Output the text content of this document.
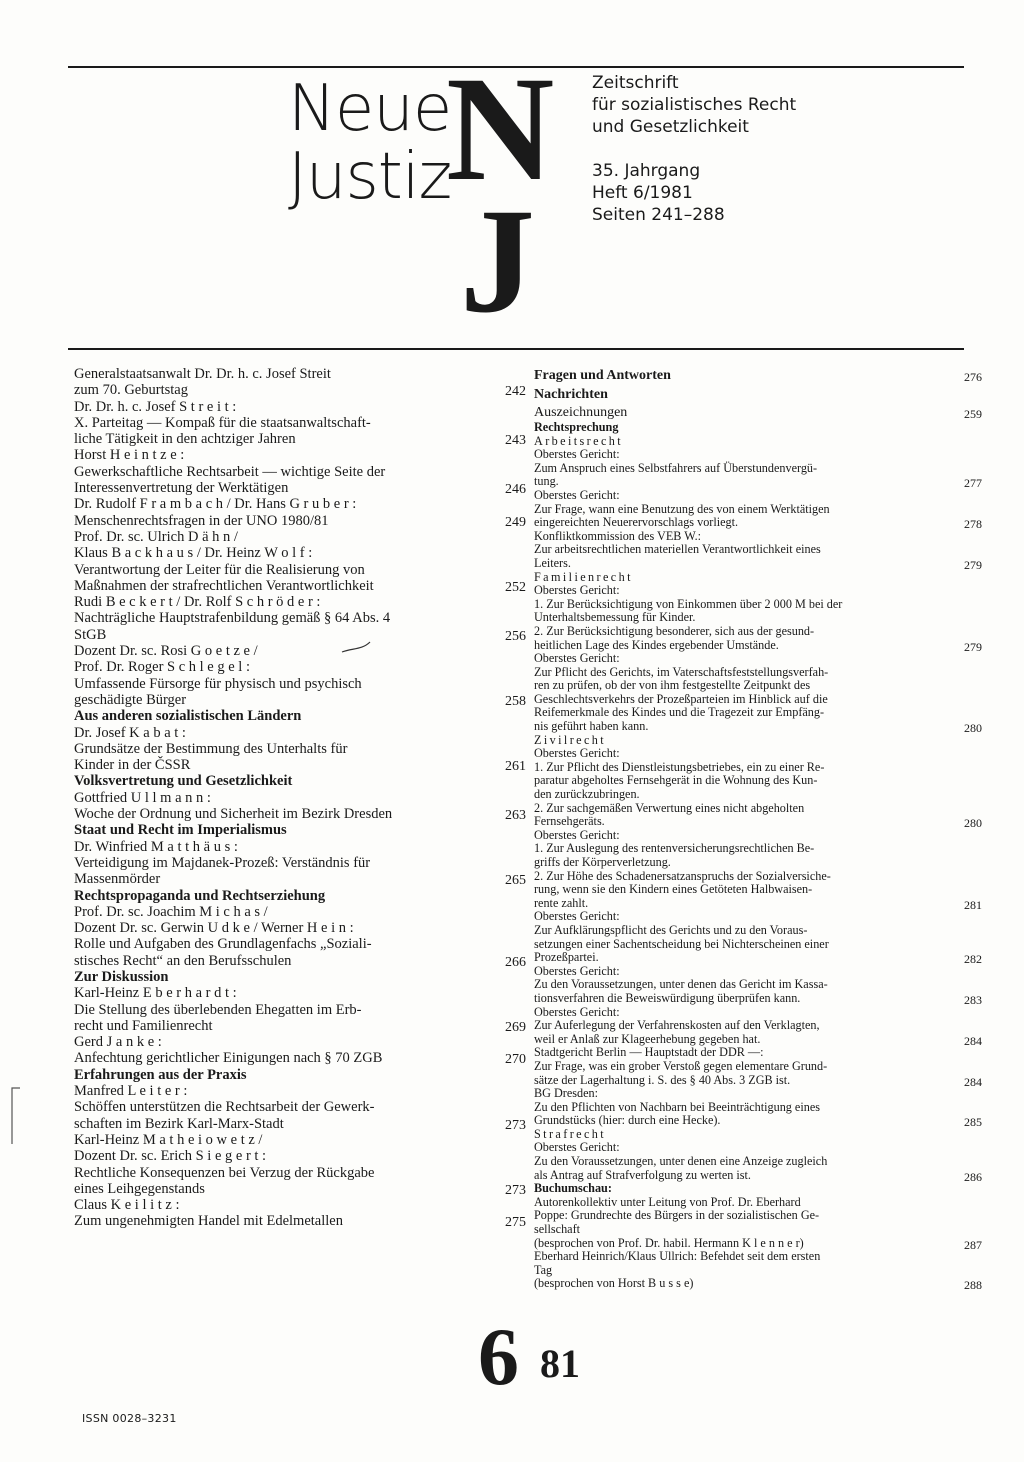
Neue
Justiz
N
J
Zeitschrift
für sozialistisches Recht
und Gesetzlichkeit
35. Jahrgang
Heft 6/1981
Seiten 241–288
Generalstaatsanwalt Dr. Dr. h. c. Josef Streit
zum 70. Geburtstag	242
Dr. Dr. h. c. Josef S t r e i t :
X. Parteitag — Kompaß für die staatsanwaltschaft-
liche Tätigkeit in den achtziger Jahren	243
Horst H e i n t z e :
Gewerkschaftliche Rechtsarbeit — wichtige Seite der
Interessenvertretung der Werktätigen	246
Dr. Rudolf F r a m b a c h / Dr. Hans G r u b e r :
Menschenrechtsfragen in der UNO 1980/81	249
Prof. Dr. sc. Ulrich D ä h n /
Klaus B a c k h a u s / Dr. Heinz W o l f :
Verantwortung der Leiter für die Realisierung von
Maßnahmen der strafrechtlichen Verantwortlichkeit	252
Rudi B e c k e r t / Dr. Rolf S c h r ö d e r :
Nachträgliche Hauptstrafenbildung gemäß § 64 Abs. 4
StGB	256
Dozent Dr. sc. Rosi G o e t z e /
Prof. Dr. Roger S c h l e g e l :
Umfassende Fürsorge für physisch und psychisch
geschädigte Bürger	258
Aus anderen sozialistischen Ländern
Dr. Josef K a b a t :
Grundsätze der Bestimmung des Unterhalts für
Kinder in der ČSSR	261
Volksvertretung und Gesetzlichkeit
Gottfried U l l m a n n :
Woche der Ordnung und Sicherheit im Bezirk Dresden	263
Staat und Recht im Imperialismus
Dr. Winfried M a t t h ä u s :
Verteidigung im Majdanek-Prozeß: Verständnis für
Massenmörder	265
Rechtspropaganda und Rechtserziehung
Prof. Dr. sc. Joachim M i c h a s /
Dozent Dr. sc. Gerwin U d k e / Werner H e i n :
Rolle und Aufgaben des Grundlagenfachs „Soziali-
stisches Recht“ an den Berufsschulen	266
Zur Diskussion
Karl-Heinz E b e r h a r d t :
Die Stellung des überlebenden Ehegatten im Erb-
recht und Familienrecht	269
Gerd J a n k e :
Anfechtung gerichtlicher Einigungen nach § 70 ZGB	270
Erfahrungen aus der Praxis
Manfred L e i t e r :
Schöffen unterstützen die Rechtsarbeit der Gewerk-
schaften im Bezirk Karl-Marx-Stadt	273
Karl-Heinz M a t h e i o w e t z /
Dozent Dr. sc. Erich S i e g e r t :
Rechtliche Konsequenzen bei Verzug der Rückgabe
eines Leihgegenstands	273
Claus K e i l i t z :
Zum ungenehmigten Handel mit Edelmetallen	275
Fragen und Antworten	276
Nachrichten
Auszeichnungen	259
Rechtsprechung
Arbeitsrecht
Oberstes Gericht:
Zum Anspruch eines Selbstfahrers auf Überstundenvergü-
tung.	277
Oberstes Gericht:
Zur Frage, wann eine Benutzung des von einem Werktätigen
eingereichten Neuerervorschlags vorliegt.	278
Konfliktkommission des VEB W.:
Zur arbeitsrechtlichen materiellen Verantwortlichkeit eines
Leiters.	279
Familienrecht
Oberstes Gericht:
1. Zur Berücksichtigung von Einkommen über 2 000 M bei der
Unterhaltsbemessung für Kinder.
2. Zur Berücksichtigung besonderer, sich aus der gesund-
heitlichen Lage des Kindes ergebender Umstände.	279
Oberstes Gericht:
Zur Pflicht des Gerichts, im Vaterschaftsfeststellungsverfah-
ren zu prüfen, ob der von ihm festgestellte Zeitpunkt des
Geschlechtsverkehrs der Prozeßparteien im Hinblick auf die
Reifemerkmale des Kindes und die Tragezeit zur Empfäng-
nis geführt haben kann.	280
Zivilrecht
Oberstes Gericht:
1. Zur Pflicht des Dienstleistungsbetriebes, ein zu einer Re-
paratur abgeholtes Fernsehgerät in die Wohnung des Kun-
den zurückzubringen.
2. Zur sachgemäßen Verwertung eines nicht abgeholten
Fernsehgeräts.	280
Oberstes Gericht:
1. Zur Auslegung des rentenversicherungsrechtlichen Be-
griffs der Körperverletzung.
2. Zur Höhe des Schadenersatzanspruchs der Sozialversiche-
rung, wenn sie den Kindern eines Getöteten Halbwaisen-
rente zahlt.	281
Oberstes Gericht:
Zur Aufklärungspflicht des Gerichts und zu den Voraus-
setzungen einer Sachentscheidung bei Nichterscheinen einer
Prozeßpartei.	282
Oberstes Gericht:
Zu den Voraussetzungen, unter denen das Gericht im Kassa-
tionsverfahren die Beweiswürdigung überprüfen kann.	283
Oberstes Gericht:
Zur Auferlegung der Verfahrenskosten auf den Verklagten,
weil er Anlaß zur Klageerhebung gegeben hat.	284
Stadtgericht Berlin — Hauptstadt der DDR —:
Zur Frage, was ein grober Verstoß gegen elementare Grund-
sätze der Lagerhaltung i. S. des § 40 Abs. 3 ZGB ist.	284
BG Dresden:
Zu den Pflichten von Nachbarn bei Beeinträchtigung eines
Grundstücks (hier: durch eine Hecke).	285
Strafrecht
Oberstes Gericht:
Zu den Voraussetzungen, unter denen eine Anzeige zugleich
als Antrag auf Strafverfolgung zu werten ist.	286
Buchumschau:
Autorenkollektiv unter Leitung von Prof. Dr. Eberhard
Poppe: Grundrechte des Bürgers in der sozialistischen Ge-
sellschaft
(besprochen von Prof. Dr. habil. Hermann K l e n n e r)	287
Eberhard Heinrich/Klaus Ullrich: Befehdet seit dem ersten
Tag
(besprochen von Horst B u s s e)	288
6 81
ISSN 0028–3231
